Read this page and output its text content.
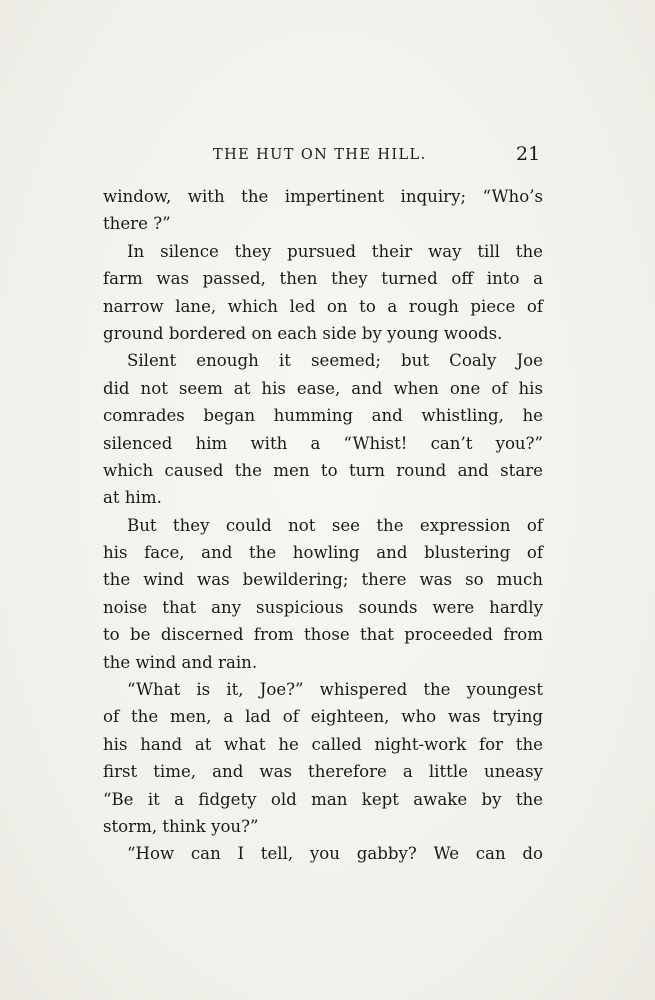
THE HUT ON THE HILL.	21
window, with the impertinent inquiry; “Who’s
there ?”
In silence they pursued their way till the
farm was passed, then they turned off into a
narrow lane, which led on to a rough piece of
ground bordered on each side by young woods.
Silent enough it seemed; but Coaly Joe
did not seem at his ease, and when one of his
comrades began humming and whistling, he
silenced him with a “Whist! can’t you?”
which caused the men to turn round and stare
at him.
But they could not see the expression of
his face, and the howling and blustering of
the wind was bewildering; there was so much
noise that any suspicious sounds were hardly
to be discerned from those that proceeded from
the wind and rain.
“What is it, Joe?” whispered the youngest
of the men, a lad of eighteen, who was trying
his hand at what he called night-work for the
first time, and was therefore a little uneasy
“Be it a fidgety old man kept awake by the
storm, think you?”
“How can I tell, you gabby? We can do
